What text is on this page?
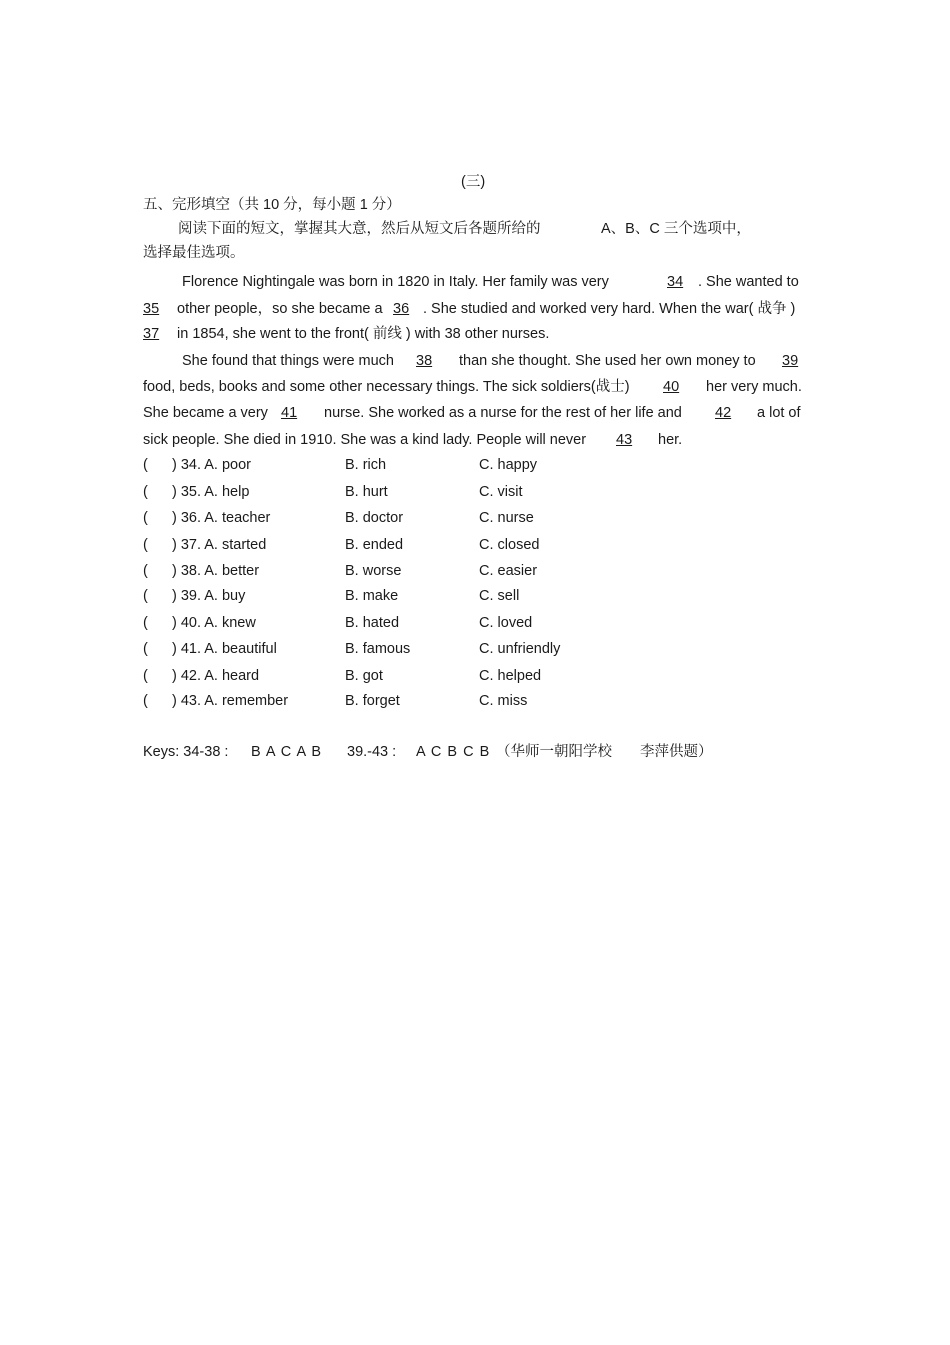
(三)
五、完形填空（共 10 分，每小题 1 分）
阅读下面的短文，掌握其大意，然后从短文后各题所给的	A、B、C 三个选项中，
选择最佳选项。
Florence Nightingale was born in 1820 in Italy. Her family was very	34 . She wanted to
35 other people，so she became a 36 . She studied and worked very hard. When the war( 战争 )
37 in 1854, she went to the front( 前线 ) with 38 other nurses.
She found that things were much 38 than she thought. She used her own money to 39
food, beds, books and some other necessary things. The sick soldiers(战士) 40 her very much.
She became a very 41 nurse. She worked as a nurse for the rest of her life and 42 a lot of
sick people. She died in 1910. She was a kind lady. People will never 43 her.
( ) 34. A. poor	B. rich	C. happy
( ) 35. A. help	B. hurt	C. visit
( ) 36. A. teacher	B. doctor	C. nurse
( ) 37. A. started	B. ended	C. closed
( ) 38. A. better	B. worse	C. easier
( ) 39. A. buy	B. make	C. sell
( ) 40. A. knew	B. hated	C. loved
( ) 41. A. beautiful	B. famous	C. unfriendly
( ) 42. A. heard	B. got	C. helped
( ) 43. A. remember	B. forget	C. miss
Keys: 34-38 : B A C A B 39.-43 : A C B C B （华师一朝阳学校 李萍供题）
